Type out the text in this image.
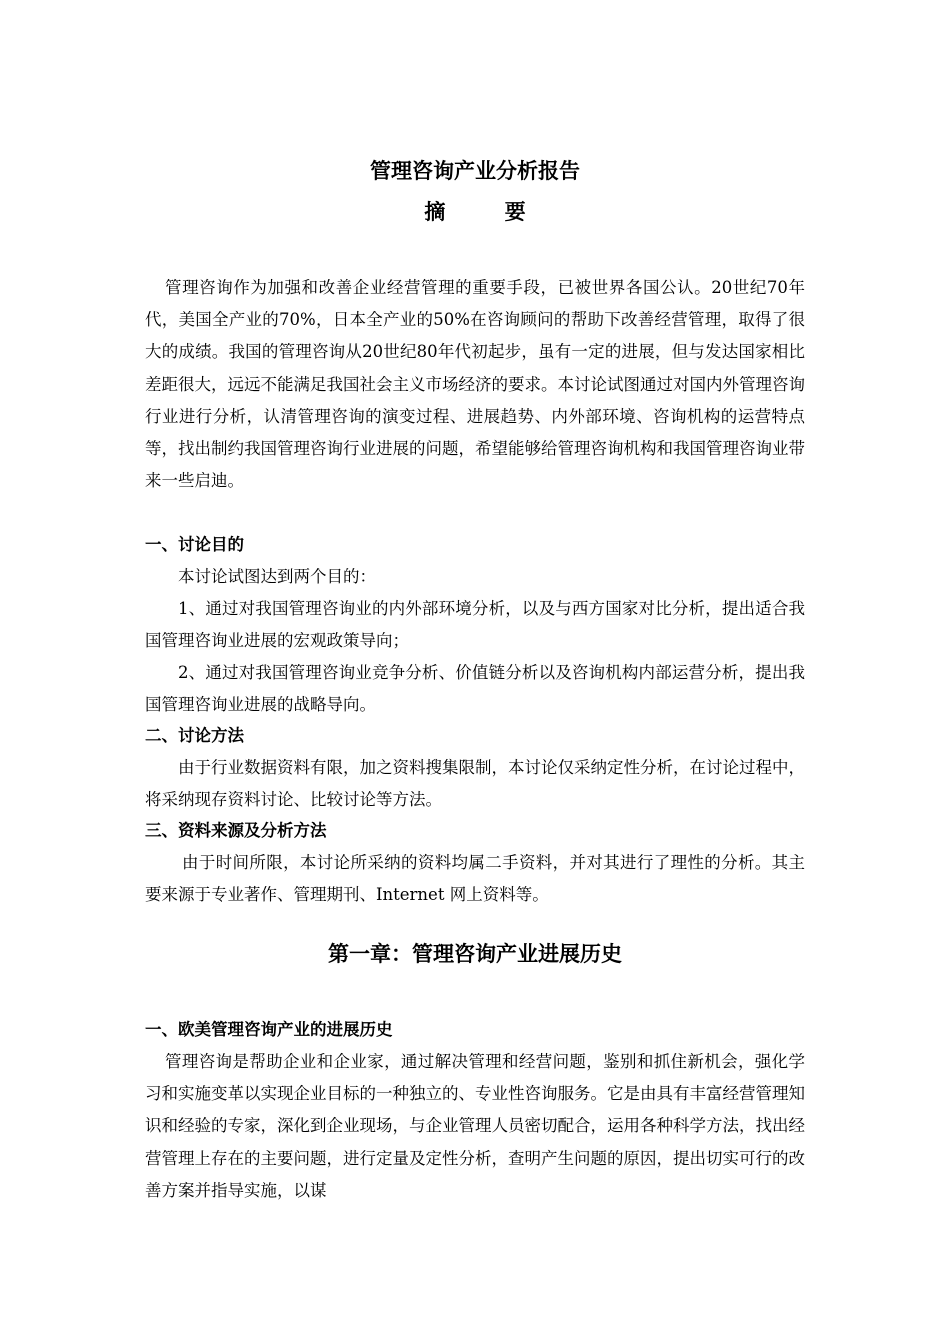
管理咨询产业分析报告
摘 要

管理咨询作为加强和改善企业经营管理的重要手段，已被世界各国公认。20世纪70年代，美国全产业的70%，日本全产业的50%在咨询顾问的帮助下改善经营管理，取得了很大的成绩。我国的管理咨询从20世纪80年代初起步，虽有一定的进展，但与发达国家相比差距很大，远远不能满足我国社会主义市场经济的要求。本讨论试图通过对国内外管理咨询行业进行分析，认清管理咨询的演变过程、进展趋势、内外部环境、咨询机构的运营特点等，找出制约我国管理咨询行业进展的问题，希望能够给管理咨询机构和我国管理咨询业带来一些启迪。

一、讨论目的

本讨论试图达到两个目的：

1、通过对我国管理咨询业的内外部环境分析，以及与西方国家对比分析，提出适合我国管理咨询业进展的宏观政策导向；

2、通过对我国管理咨询业竞争分析、价值链分析以及咨询机构内部运营分析，提出我国管理咨询业进展的战略导向。

二、讨论方法

由于行业数据资料有限，加之资料搜集限制，本讨论仅采纳定性分析，在讨论过程中，将采纳现存资料讨论、比较讨论等方法。

三、资料来源及分析方法

由于时间所限，本讨论所采纳的资料均属二手资料，并对其进行了理性的分析。其主要来源于专业著作、管理期刊、Internet 网上资料等。

第一章：管理咨询产业进展历史
一、欧美管理咨询产业的进展历史

管理咨询是帮助企业和企业家，通过解决管理和经营问题，鉴别和抓住新机会，强化学习和实施变革以实现企业目标的一种独立的、专业性咨询服务。它是由具有丰富经营管理知识和经验的专家，深化到企业现场，与企业管理人员密切配合，运用各种科学方法，找出经营管理上存在的主要问题，进行定量及定性分析，查明产生问题的原因，提出切实可行的改善方案并指导实施，以谋
